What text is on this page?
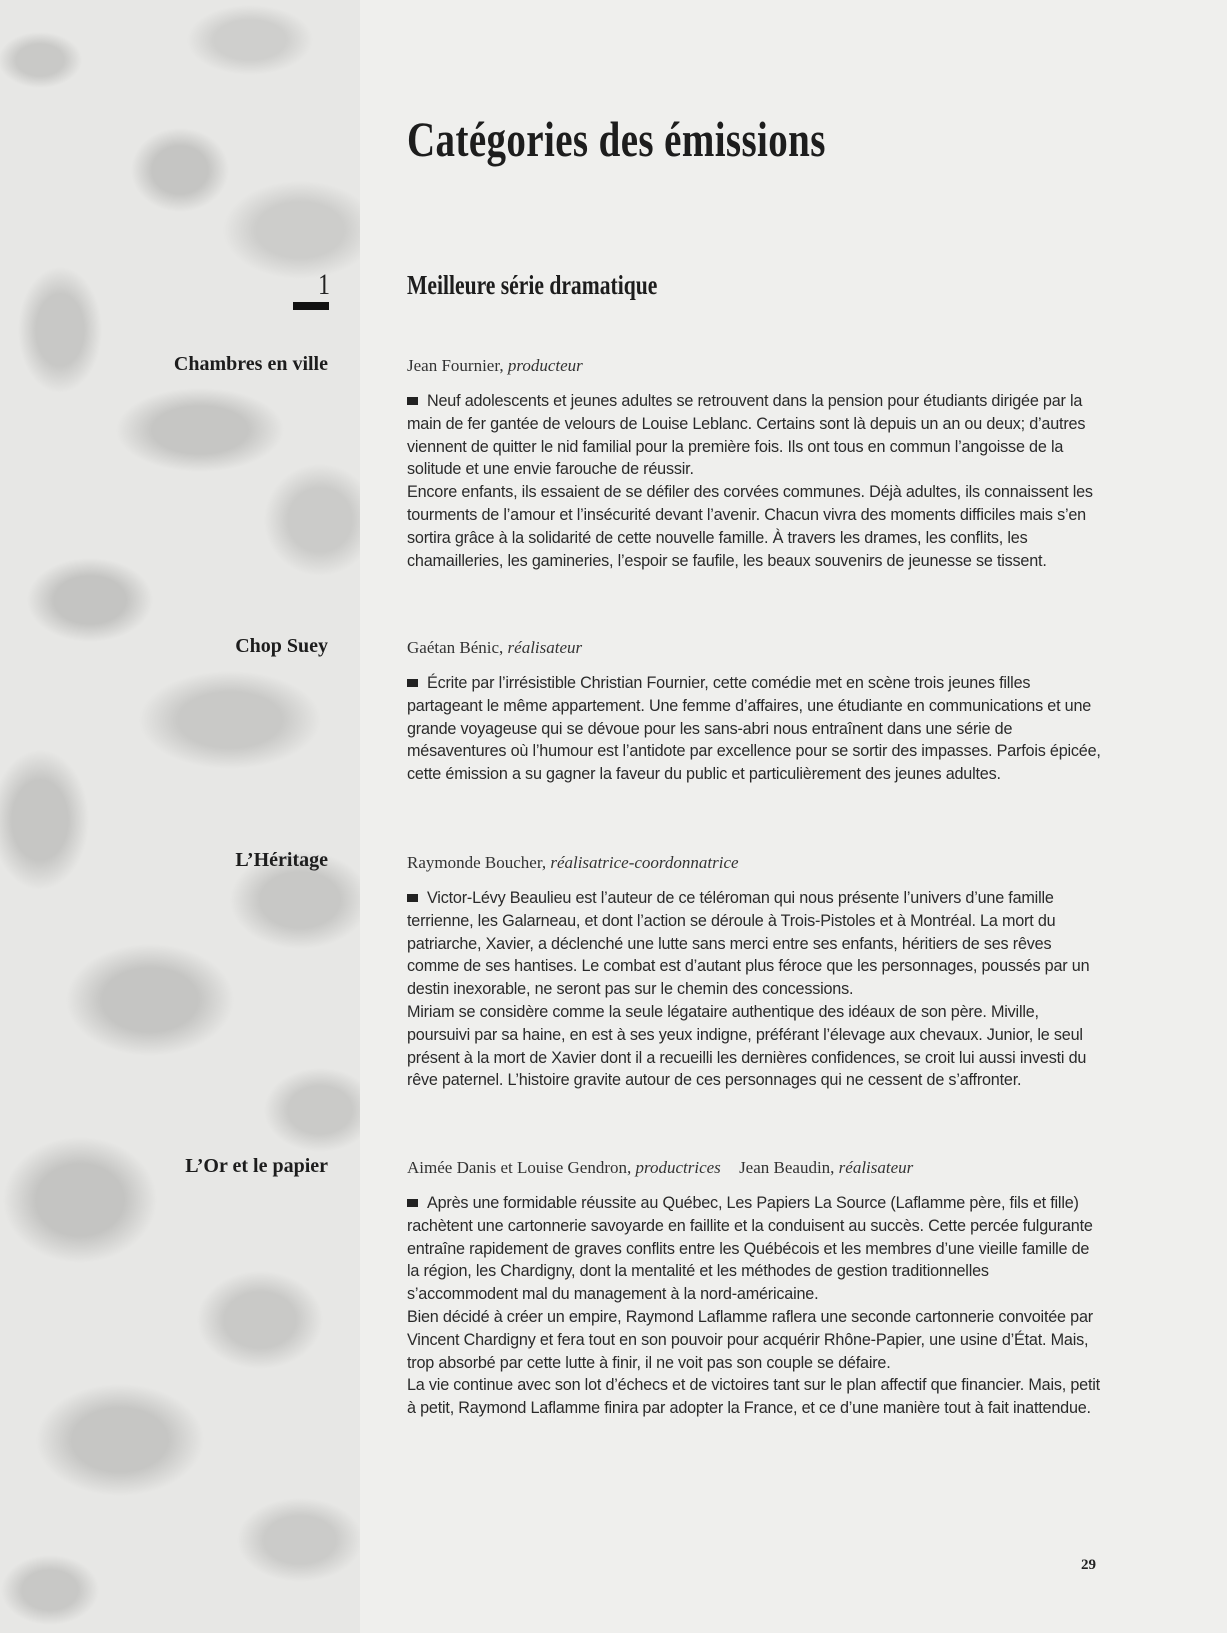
Catégories des émissions
1	Meilleure série dramatique
Chambres en ville	Jean Fournier, producteur

Neuf adolescents et jeunes adultes se retrouvent dans la pension pour étudiants dirigée par la main de fer gantée de velours de Louise Leblanc. Certains sont là depuis un an ou deux; d’autres viennent de quitter le nid familial pour la première fois. Ils ont tous en commun l’angoisse de la solitude et une envie farouche de réussir.

Encore enfants, ils essaient de se défiler des corvées communes. Déjà adultes, ils connaissent les tourments de l’amour et l’insécurité devant l’avenir. Chacun vivra des moments difficiles mais s’en sortira grâce à la solidarité de cette nouvelle famille. À travers les drames, les conflits, les chamailleries, les gamineries, l’espoir se faufile, les beaux souvenirs de jeunesse se tissent.

Chop Suey	Gaétan Bénic, réalisateur

Écrite par l’irrésistible Christian Fournier, cette comédie met en scène trois jeunes filles partageant le même appartement. Une femme d’affaires, une étudiante en communications et une grande voyageuse qui se dévoue pour les sans-abri nous entraînent dans une série de mésaventures où l’humour est l’antidote par excellence pour se sortir des impasses. Parfois épicée, cette émission a su gagner la faveur du public et particulièrement des jeunes adultes.

L’Héritage	Raymonde Boucher, réalisatrice-coordonnatrice

Victor-Lévy Beaulieu est l’auteur de ce téléroman qui nous présente l’univers d’une famille terrienne, les Galarneau, et dont l’action se déroule à Trois-Pistoles et à Montréal. La mort du patriarche, Xavier, a déclenché une lutte sans merci entre ses enfants, héritiers de ses rêves comme de ses hantises. Le combat est d’autant plus féroce que les personnages, poussés par un destin inexorable, ne seront pas sur le chemin des concessions.

Miriam se considère comme la seule légataire authentique des idéaux de son père. Miville, poursuivi par sa haine, en est à ses yeux indigne, préférant l’élevage aux chevaux. Junior, le seul présent à la mort de Xavier dont il a recueilli les dernières confidences, se croit lui aussi investi du rêve paternel. L’histoire gravite autour de ces personnages qui ne cessent de s’affronter.

L’Or et le papier	Aimée Danis et Louise Gendron, productrices Jean Beaudin, réalisateur

Après une formidable réussite au Québec, Les Papiers La Source (Laflamme père, fils et fille) rachètent une cartonnerie savoyarde en faillite et la conduisent au succès. Cette percée fulgurante entraîne rapidement de graves conflits entre les Québécois et les membres d’une vieille famille de la région, les Chardigny, dont la mentalité et les méthodes de gestion traditionnelles s’accommodent mal du management à la nord-américaine.

Bien décidé à créer un empire, Raymond Laflamme raflera une seconde cartonnerie convoitée par Vincent Chardigny et fera tout en son pouvoir pour acquérir Rhône-Papier, une usine d’État. Mais, trop absorbé par cette lutte à finir, il ne voit pas son couple se défaire.

La vie continue avec son lot d’échecs et de victoires tant sur le plan affectif que financier. Mais, petit à petit, Raymond Laflamme finira par adopter la France, et ce d’une manière tout à fait inattendue.

29
